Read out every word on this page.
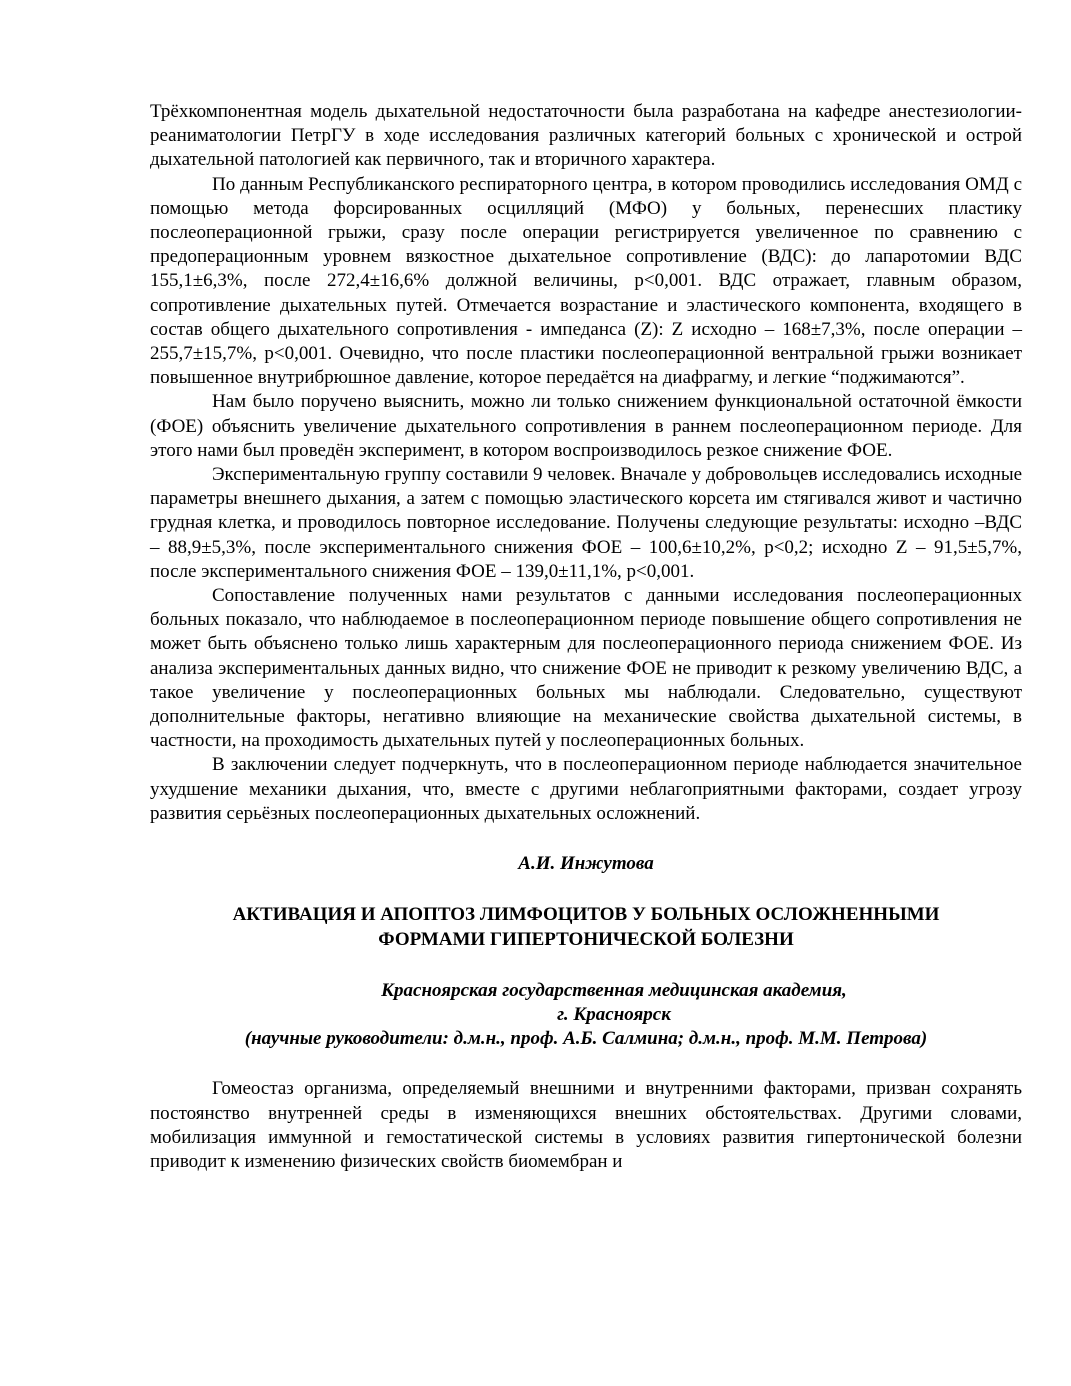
Трёхкомпонентная модель дыхательной недостаточности была разработана на кафедре анестезиологии-реаниматологии ПетрГУ в ходе исследования различных категорий больных с хронической и острой дыхательной патологией как первичного, так и вторичного характера.

По данным Республиканского респираторного центра, в котором проводились исследования ОМД с помощью метода форсированных осцилляций (МФО) у больных, перенесших пластику послеоперационной грыжи, сразу после операции регистрируется увеличенное по сравнению с предоперационным уровнем вязкостное дыхательное сопротивление (ВДС): до лапаротомии ВДС 155,1±6,3%, после 272,4±16,6% должной величины, р<0,001. ВДС отражает, главным образом, сопротивление дыхательных путей. Отмечается возрастание и эластического компонента, входящего в состав общего дыхательного сопротивления - импеданса (Z): Z исходно – 168±7,3%, после операции – 255,7±15,7%, р<0,001. Очевидно, что после пластики послеоперационной вентральной грыжи возникает повышенное внутрибрюшное давление, которое передаётся на диафрагму, и легкие “поджимаются”.

Нам было поручено выяснить, можно ли только снижением функциональной остаточной ёмкости (ФОЕ) объяснить увеличение дыхательного сопротивления в раннем послеоперационном периоде. Для этого нами был проведён эксперимент, в котором воспроизводилось резкое снижение ФОЕ.

Экспериментальную группу составили 9 человек. Вначале у добровольцев исследовались исходные параметры внешнего дыхания, а затем с помощью эластического корсета им стягивался живот и частично грудная клетка, и проводилось повторное исследование. Получены следующие результаты: исходно –ВДС – 88,9±5,3%, после экспериментального снижения ФОЕ – 100,6±10,2%, р<0,2; исходно Z – 91,5±5,7%, после экспериментального снижения ФОЕ – 139,0±11,1%, р<0,001.

Сопоставление полученных нами результатов с данными исследования послеоперационных больных показало, что наблюдаемое в послеоперационном периоде повышение общего сопротивления не может быть объяснено только лишь характерным для послеоперационного периода снижением ФОЕ. Из анализа экспериментальных данных видно, что снижение ФОЕ не приводит к резкому увеличению ВДС, а такое увеличение у послеоперационных больных мы наблюдали. Следовательно, существуют дополнительные факторы, негативно влияющие на механические свойства дыхательной системы, в частности, на проходимость дыхательных путей у послеоперационных больных.

В заключении следует подчеркнуть, что в послеоперационном периоде наблюдается значительное ухудшение механики дыхания, что, вместе с другими неблагоприятными факторами, создает угрозу развития серьёзных послеоперационных дыхательных осложнений.

А.И. Инжутова

АКТИВАЦИЯ И АПОПТОЗ ЛИМФОЦИТОВ У БОЛЬНЫХ ОСЛОЖНЕННЫМИ
ФОРМАМИ ГИПЕРТОНИЧЕСКОЙ БОЛЕЗНИ
Красноярская государственная медицинская академия,
г. Красноярск
(научные руководители: д.м.н., проф. А.Б. Салмина; д.м.н., проф. М.М. Петрова)

Гомеостаз организма, определяемый внешними и внутренними факторами, призван сохранять постоянство внутренней среды в изменяющихся внешних обстоятельствах. Другими словами, мобилизация иммунной и гемостатической системы в условиях развития гипертонической болезни приводит к изменению физических свойств биомембран и
